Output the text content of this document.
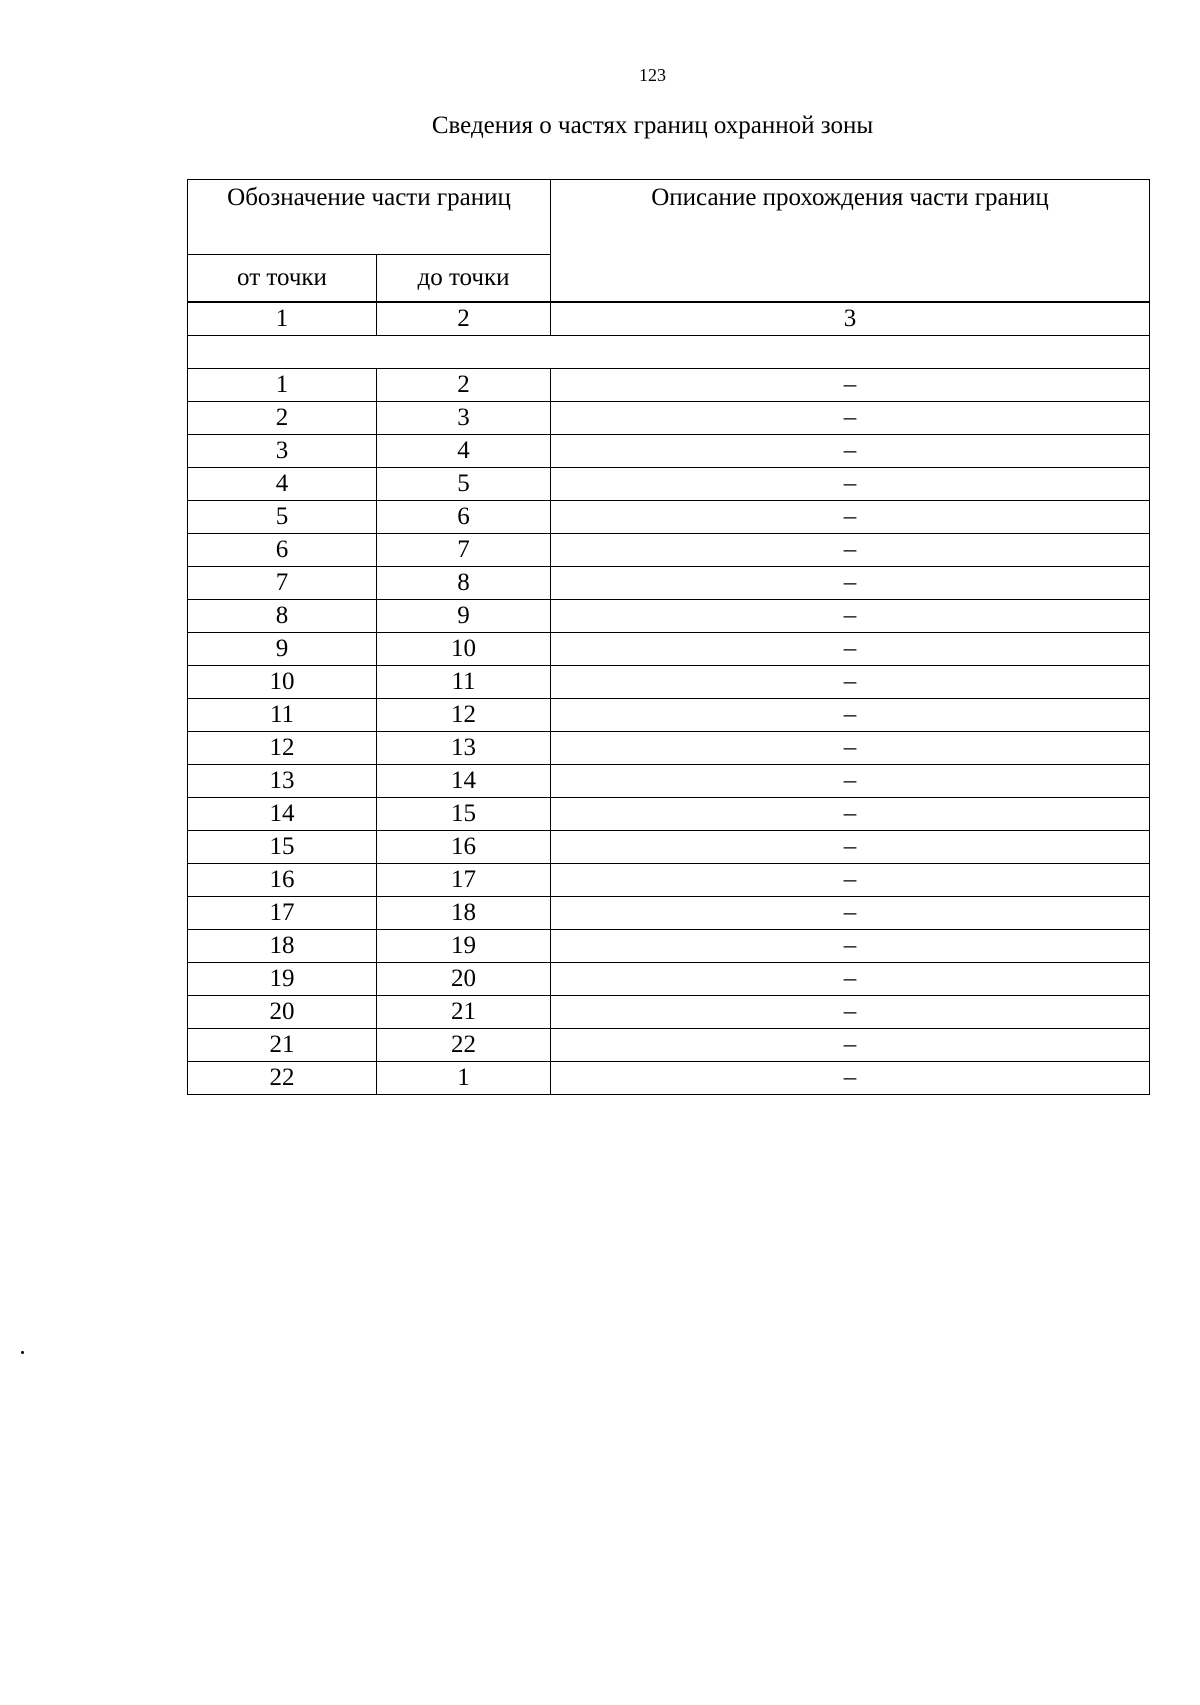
123
Сведения о частях границ охранной зоны
Обозначение части границ		Описание прохождения части границ
от точки	до точки	
1	2	3

1	2	–
2	3	–
3	4	–
4	5	–
5	6	–
6	7	–
7	8	–
8	9	–
9	10	–
10	11	–
11	12	–
12	13	–
13	14	–
14	15	–
15	16	–
16	17	–
17	18	–
18	19	–
19	20	–
20	21	–
21	22	–
22	1	–
